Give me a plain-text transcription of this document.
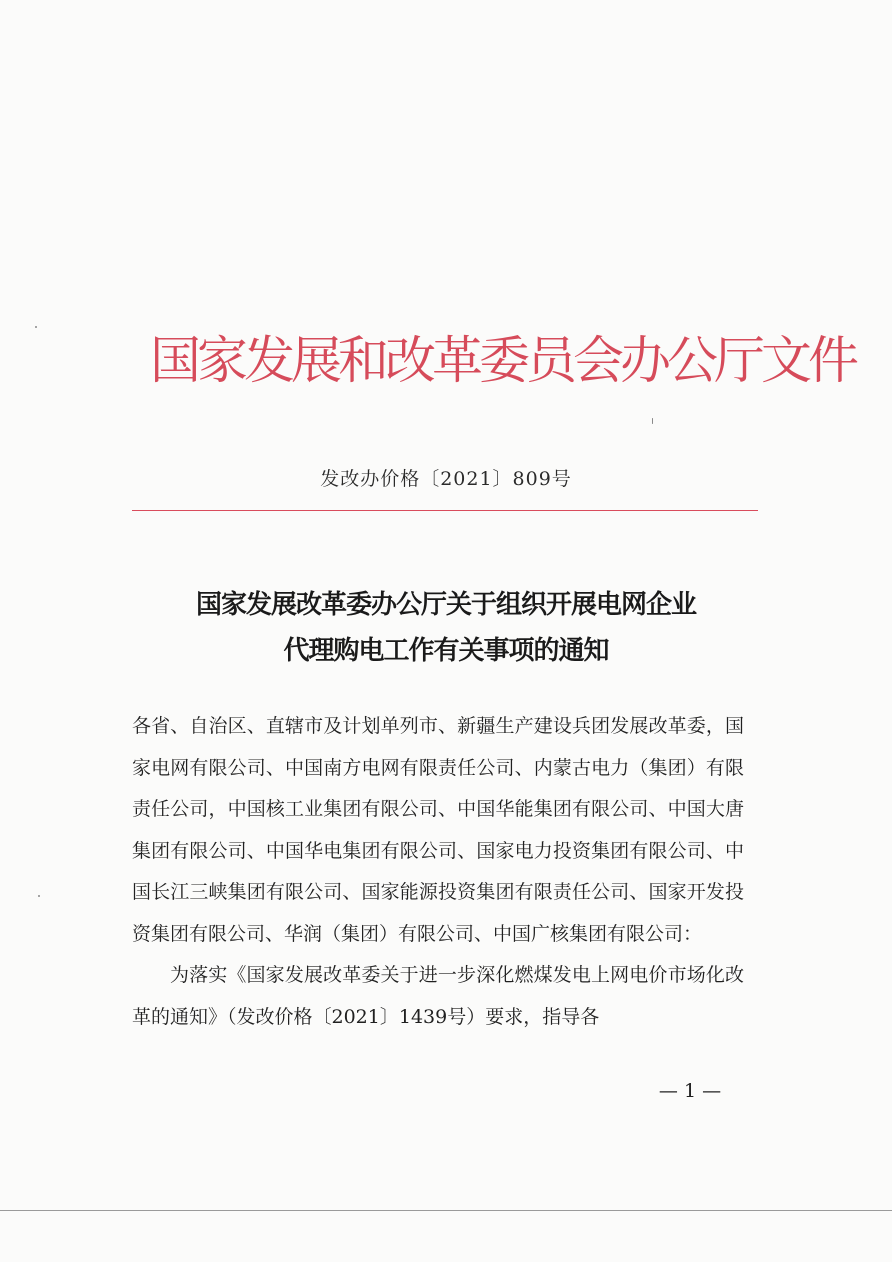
国家发展和改革委员会办公厅文件
发改办价格〔2021〕809号
国家发展改革委办公厅关于组织开展电网企业
代理购电工作有关事项的通知

各省、自治区、直辖市及计划单列市、新疆生产建设兵团发展改革委，国家电网有限公司、中国南方电网有限责任公司、内蒙古电力（集团）有限责任公司，中国核工业集团有限公司、中国华能集团有限公司、中国大唐集团有限公司、中国华电集团有限公司、国家电力投资集团有限公司、中国长江三峡集团有限公司、国家能源投资集团有限责任公司、国家开发投资集团有限公司、华润（集团）有限公司、中国广核集团有限公司：

为落实《国家发展改革委关于进一步深化燃煤发电上网电价市场化改革的通知》（发改价格〔2021〕1439号）要求，指导各

— 1 —
